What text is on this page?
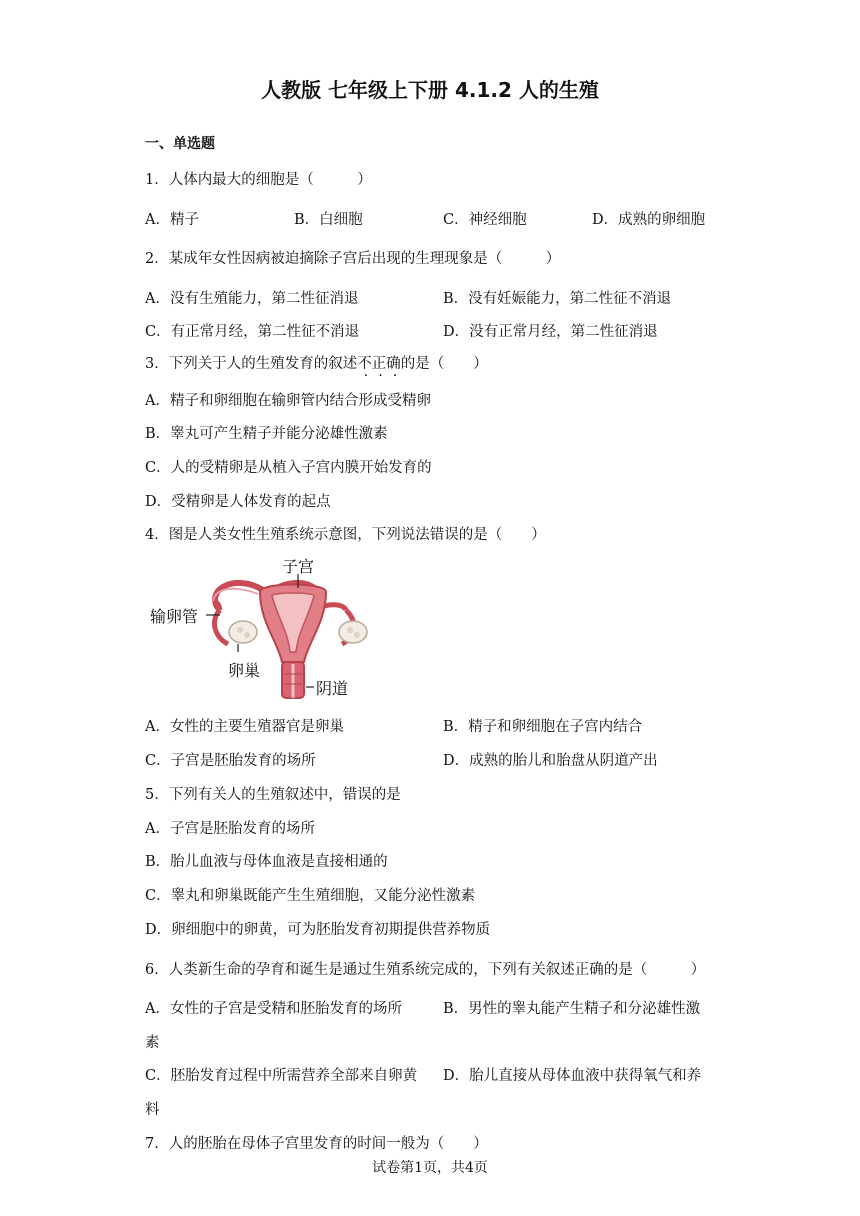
人教版 七年级上下册 4.1.2 人的生殖
一、单选题
1．人体内最大的细胞是（　　　）
A．精子	B．白细胞	C．神经细胞	D．成熟的卵细胞
2．某成年女性因病被迫摘除子宫后出现的生理现象是（　　　）
A．没有生殖能力，第二性征消退	B．没有妊娠能力，第二性征不消退
C．有正常月经，第二性征不消退	D．没有正常月经，第二性征消退
3．下列关于人的生殖发育的叙述不正确的是（　　）
A．精子和卵细胞在输卵管内结合形成受精卵
B．睾丸可产生精子并能分泌雄性激素
C．人的受精卵是从植入子宫内膜开始发育的
D．受精卵是人体发育的起点
4．图是人类女性生殖系统示意图，下列说法错误的是（　　）
子宫
输卵管
卵巢
阴道
A．女性的主要生殖器官是卵巢	B．精子和卵细胞在子宫内结合
C．子宫是胚胎发育的场所	D．成熟的胎儿和胎盘从阴道产出
5．下列有关人的生殖叙述中，错误的是
A．子宫是胚胎发育的场所
B．胎儿血液与母体血液是直接相通的
C．睾丸和卵巢既能产生生殖细胞，又能分泌性激素
D．卵细胞中的卵黄，可为胚胎发育初期提供营养物质
6．人类新生命的孕育和诞生是通过生殖系统完成的，下列有关叙述正确的是（　　　）
A．女性的子宫是受精和胚胎发育的场所	B．男性的睾丸能产生精子和分泌雄性激
素
C．胚胎发育过程中所需营养全部来自卵黄 D．胎儿直接从母体血液中获得氧气和养
料
7．人的胚胎在母体子宫里发育的时间一般为（　　）
试卷第1页，共4页
